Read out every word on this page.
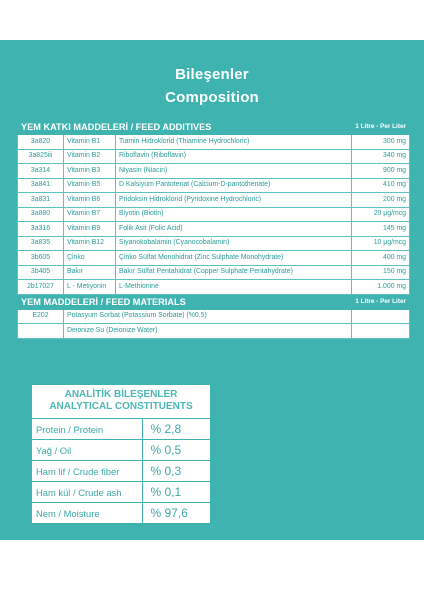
Bileşenler
Composition
YEM KATKI MADDELERİ / FEED ADDITIVES			1 Litre - Per Liter
3a820	Vitamin B1	Tiamin Hidroklorid (Thiamine Hydrochloric)	300 mg
3a825iii	Vitamin B2	Riboflavin (Riboflavin)	340 mg
3a314	Vitamin B3	Niyasin (Niacin)	900 mg
3a841	Vitamin B5	D Kalsiyum Pantotenat (Calcium-D-pantothenate)	410 mg
3a831	Vitamin B6	Pridoksin Hidroklorid (Pyridoxine Hydrochloric)	200 mg
3a880	Vitamin B7	Biyotin (Biotin)	20 μg/mcg
3a316	Vitamin B9	Folik Asit (Folic Acid)	145 mg
3a835	Vitamin B12	Siyanokobalamin (Cyanocobalamin)	10 μg/mcg
3b605	Çinko	Çinko Sülfat Monohidrat (Zinc Sulphate Monohydrate)	400 mg
3b405	Bakır	Bakır Sülfat Pentahidrat (Copper Sulphate Pentahydrate)	150 mg
2b17027	L - Metiyonin	L-Methionine	1.000 mg
YEM MADDELERİ / FEED MATERIALS			1 Litre - Per Liter
E202	Potasyum Sorbat (Potassium Sorbate) (%0,5)		
	Deionize Su (Deionize Water)		
ANALİTİK BİLEŞENLER
ANALYTICAL CONSTITUENTS
Protein / Protein	% 2,8
Yağ / Oil	% 0,5
Ham lif / Crude fiber	% 0,3
Ham kül / Crude ash	% 0,1
Nem / Moisture	% 97,6
